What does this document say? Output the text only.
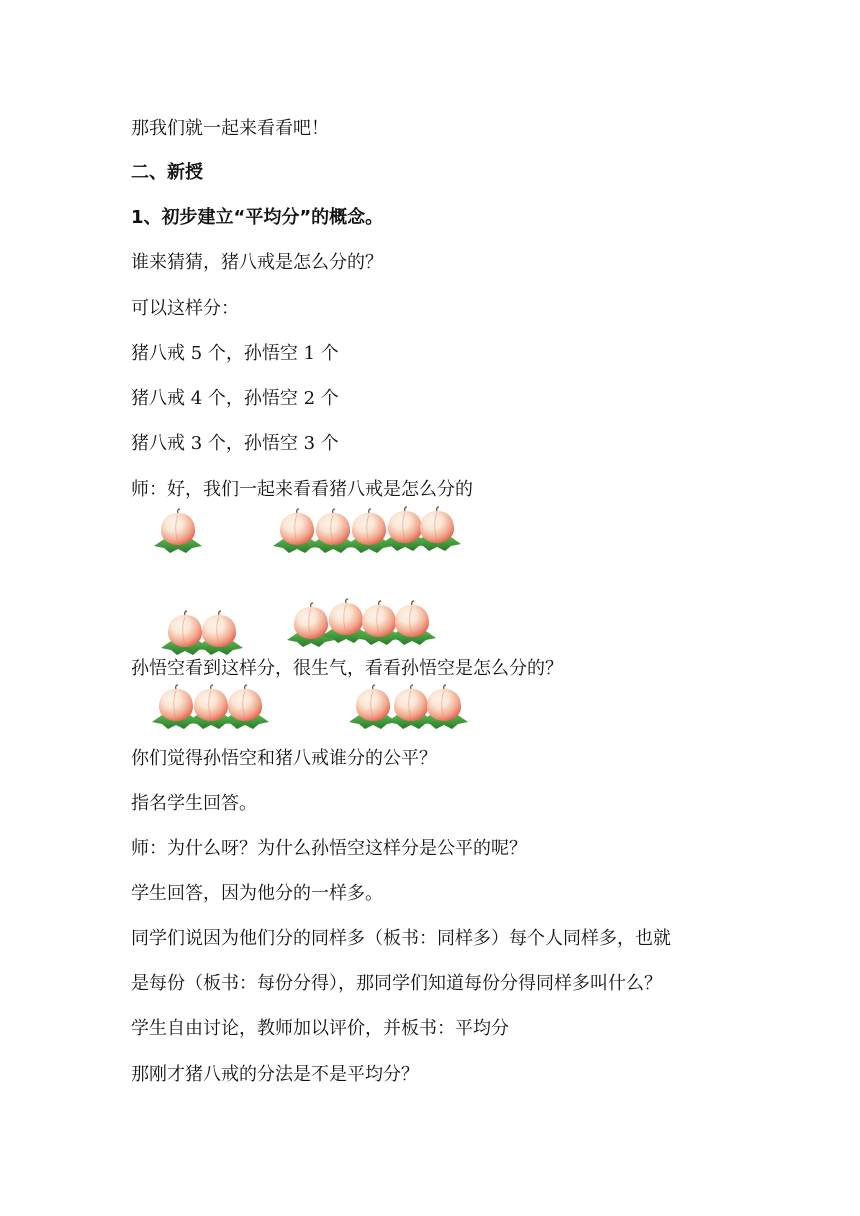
那我们就一起来看看吧！
二、新授
1、初步建立“平均分”的概念。
谁来猜猜，猪八戒是怎么分的？
可以这样分：
猪八戒 5 个，孙悟空 1 个
猪八戒 4 个，孙悟空 2 个
猪八戒 3 个，孙悟空 3 个
师：好，我们一起来看看猪八戒是怎么分的
孙悟空看到这样分，很生气，看看孙悟空是怎么分的？
你们觉得孙悟空和猪八戒谁分的公平？
指名学生回答。
师：为什么呀？为什么孙悟空这样分是公平的呢？
学生回答，因为他分的一样多。
同学们说因为他们分的同样多（板书：同样多）每个人同样多，也就
是每份（板书：每份分得），那同学们知道每份分得同样多叫什么？
学生自由讨论，教师加以评价，并板书：平均分
那刚才猪八戒的分法是不是平均分？
